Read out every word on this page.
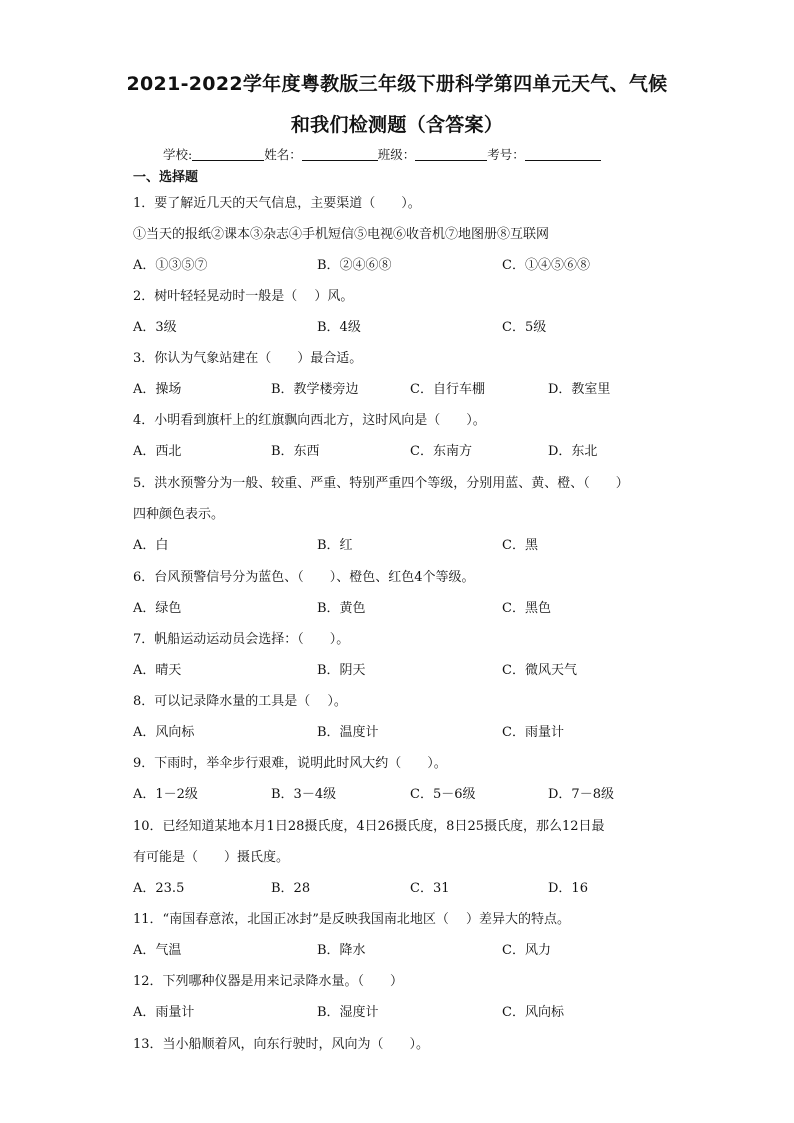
2021-2022学年度粤教版三年级下册科学第四单元天气、气候
和我们检测题（含答案）
学校:	姓名：	班级：	考号：
一、选择题
1．要了解近几天的天气信息，主要渠道（　　）。
①当天的报纸②课本③杂志④手机短信⑤电视⑥收音机⑦地图册⑧互联网
A．①③⑤⑦	B．②④⑥⑧	C．①④⑤⑥⑧
2．树叶轻轻晃动时一般是（　 ）风。
A．3级	B．4级	C．5级
3．你认为气象站建在（　　）最合适。
A．操场	B．教学楼旁边	C．自行车棚	D．教室里
4．小明看到旗杆上的红旗飘向西北方，这时风向是（　　）。
A．西北	B．东西	C．东南方	D．东北
5．洪水预警分为一般、较重、严重、特别严重四个等级，分别用蓝、黄、橙、（　　）
四种颜色表示。
A．白	B．红	C．黑
6．台风预警信号分为蓝色、（　　）、橙色、红色4个等级。
A．绿色	B．黄色	C．黑色
7．帆船运动运动员会选择：（　　）。
A．晴天	B．阴天	C．微风天气
8．可以记录降水量的工具是（　 ）。
A．风向标	B．温度计	C．雨量计
9．下雨时，举伞步行艰难，说明此时风大约（　　）。
A．1－2级	B．3－4级	C．5－6级	D．7－8级
10．已经知道某地本月1日28摄氏度，4日26摄氏度，8日25摄氏度，那么12日最
有可能是（　　）摄氏度。
A．23.5	B．28	C．31	D．16
11．“南国春意浓，北国正冰封”是反映我国南北地区（　 ）差异大的特点。
A．气温	B．降水	C．风力
12．下列哪种仪器是用来记录降水量。（　　）
A．雨量计	B．湿度计	C．风向标
13．当小船顺着风，向东行驶时，风向为（　　）。
